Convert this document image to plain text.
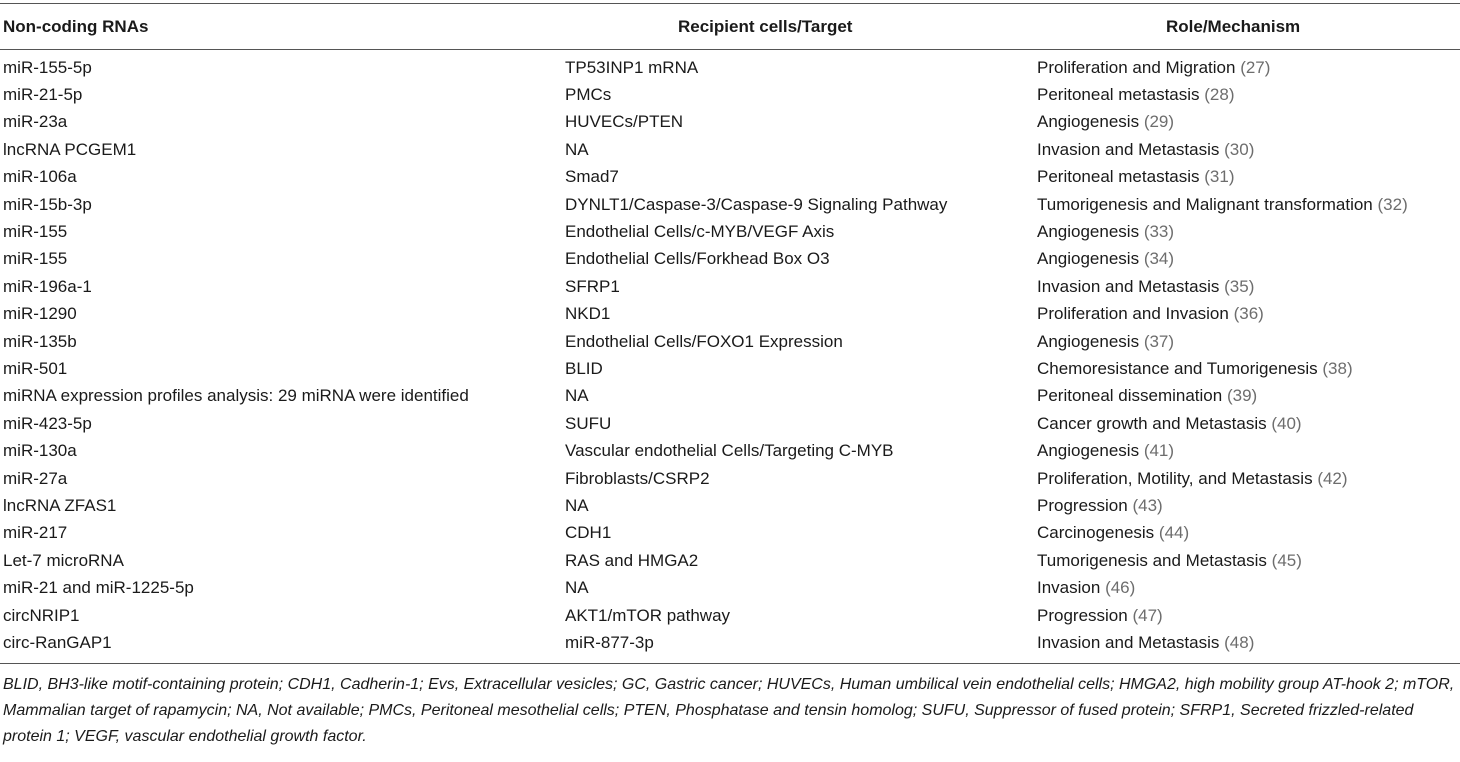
Non-coding RNAs	Recipient cells/Target	Role/Mechanism
miR-155-5p	TP53INP1 mRNA	Proliferation and Migration (27)
miR-21-5p	PMCs	Peritoneal metastasis (28)
miR-23a	HUVECs/PTEN	Angiogenesis (29)
lncRNA PCGEM1	NA	Invasion and Metastasis (30)
miR-106a	Smad7	Peritoneal metastasis (31)
miR-15b-3p	DYNLT1/Caspase-3/Caspase-9 Signaling Pathway	Tumorigenesis and Malignant transformation (32)
miR-155	Endothelial Cells/c-MYB/VEGF Axis	Angiogenesis (33)
miR-155	Endothelial Cells/Forkhead Box O3	Angiogenesis (34)
miR-196a-1	SFRP1	Invasion and Metastasis (35)
miR-1290	NKD1	Proliferation and Invasion (36)
miR-135b	Endothelial Cells/FOXO1 Expression	Angiogenesis (37)
miR-501	BLID	Chemoresistance and Tumorigenesis (38)
miRNA expression profiles analysis: 29 miRNA were identified	NA	Peritoneal dissemination (39)
miR-423-5p	SUFU	Cancer growth and Metastasis (40)
miR-130a	Vascular endothelial Cells/Targeting C-MYB	Angiogenesis (41)
miR-27a	Fibroblasts/CSRP2	Proliferation, Motility, and Metastasis (42)
lncRNA ZFAS1	NA	Progression (43)
miR-217	CDH1	Carcinogenesis (44)
Let-7 microRNA	RAS and HMGA2	Tumorigenesis and Metastasis (45)
miR-21 and miR-1225-5p	NA	Invasion (46)
circNRIP1	AKT1/mTOR pathway	Progression (47)
circ-RanGAP1	miR-877-3p	Invasion and Metastasis (48)
BLID, BH3-like motif-containing protein; CDH1, Cadherin-1; Evs, Extracellular vesicles; GC, Gastric cancer; HUVECs, Human umbilical vein endothelial cells; HMGA2, high mobility group AT-hook 2; mTOR, Mammalian target of rapamycin; NA, Not available; PMCs, Peritoneal mesothelial cells; PTEN, Phosphatase and tensin homolog; SUFU, Suppressor of fused protein; SFRP1, Secreted frizzled-related protein 1; VEGF, vascular endothelial growth factor.
